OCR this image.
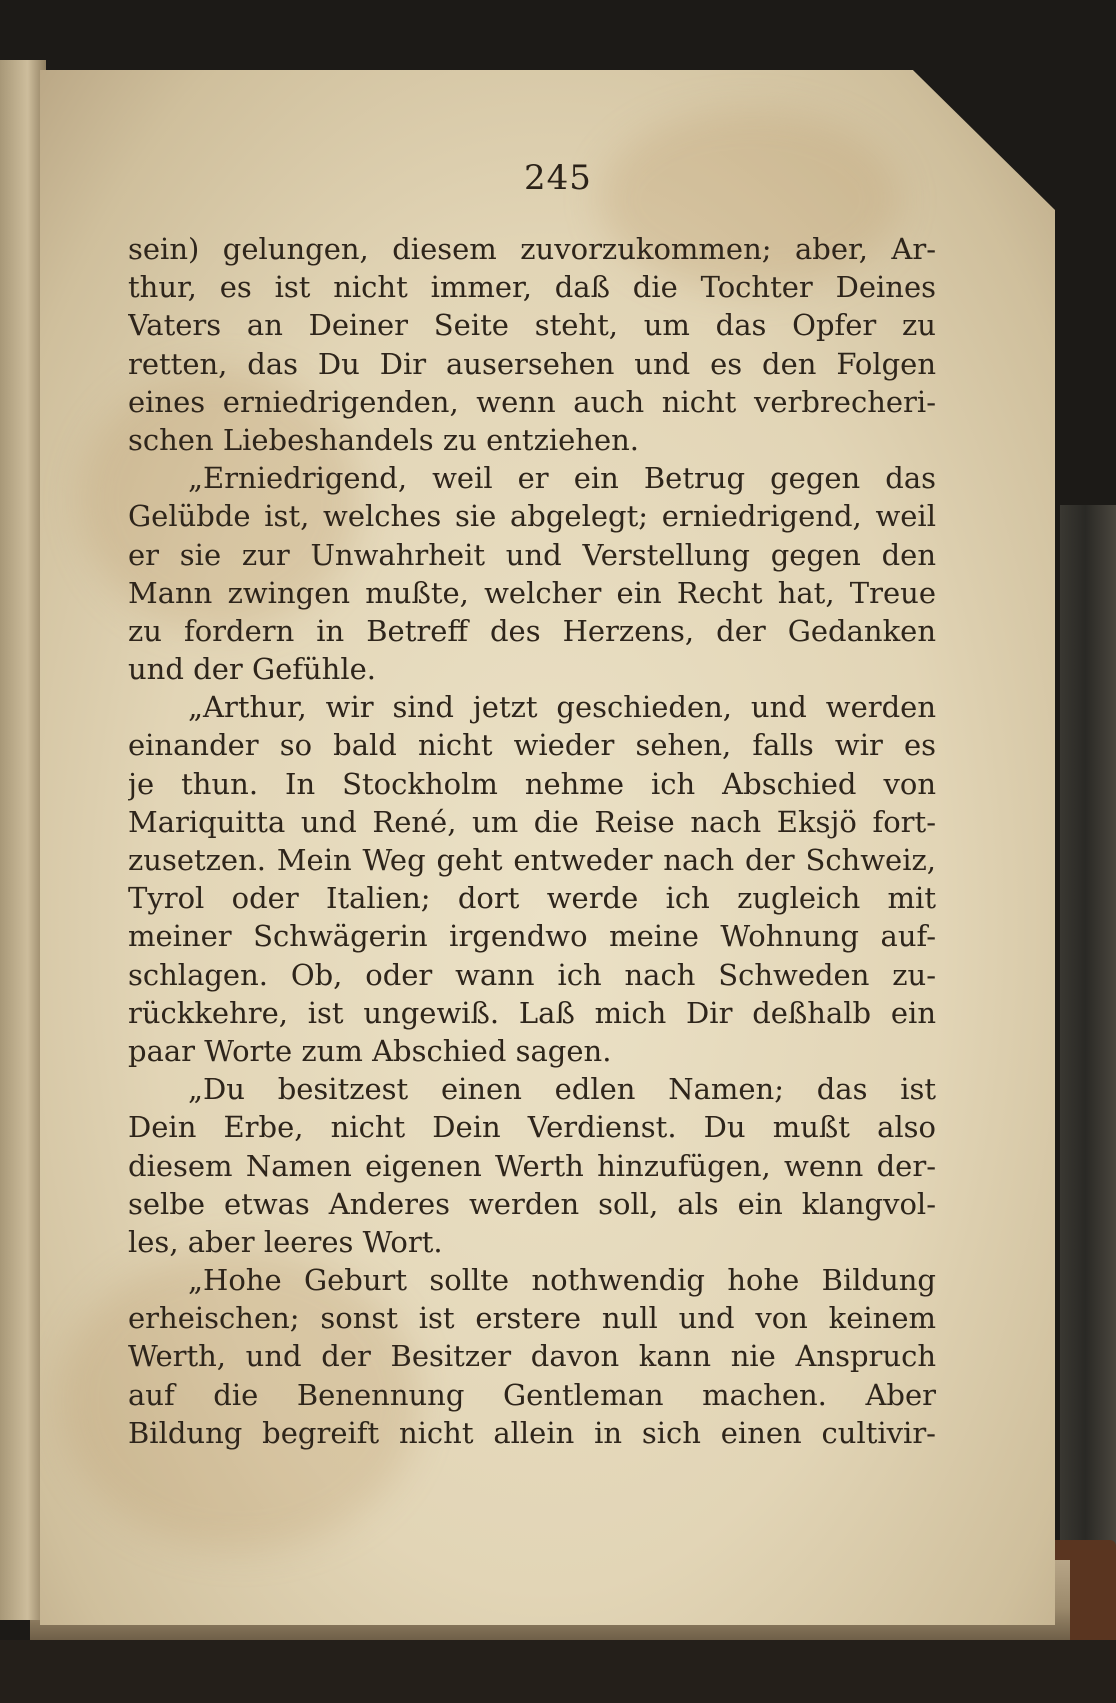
245
sein) gelungen, diesem zuvorzukommen; aber, Ar-
thur, es ist nicht immer, daß die Tochter Deines
Vaters an Deiner Seite steht, um das Opfer zu
retten, das Du Dir ausersehen und es den Folgen
eines erniedrigenden, wenn auch nicht verbrecheri-
schen Liebeshandels zu entziehen.
„Erniedrigend, weil er ein Betrug gegen das
Gelübde ist, welches sie abgelegt; erniedrigend, weil
er sie zur Unwahrheit und Verstellung gegen den
Mann zwingen mußte, welcher ein Recht hat, Treue
zu fordern in Betreff des Herzens, der Gedanken
und der Gefühle.
„Arthur, wir sind jetzt geschieden, und werden
einander so bald nicht wieder sehen, falls wir es
je thun. In Stockholm nehme ich Abschied von
Mariquitta und René, um die Reise nach Eksjö fort-
zusetzen. Mein Weg geht entweder nach der Schweiz,
Tyrol oder Italien; dort werde ich zugleich mit
meiner Schwägerin irgendwo meine Wohnung auf-
schlagen. Ob, oder wann ich nach Schweden zu-
rückkehre, ist ungewiß. Laß mich Dir deßhalb ein
paar Worte zum Abschied sagen.
„Du besitzest einen edlen Namen; das ist
Dein Erbe, nicht Dein Verdienst. Du mußt also
diesem Namen eigenen Werth hinzufügen, wenn der-
selbe etwas Anderes werden soll, als ein klangvol-
les, aber leeres Wort.
„Hohe Geburt sollte nothwendig hohe Bildung
erheischen; sonst ist erstere null und von keinem
Werth, und der Besitzer davon kann nie Anspruch
auf die Benennung Gentleman machen. Aber
Bildung begreift nicht allein in sich einen cultivir-
